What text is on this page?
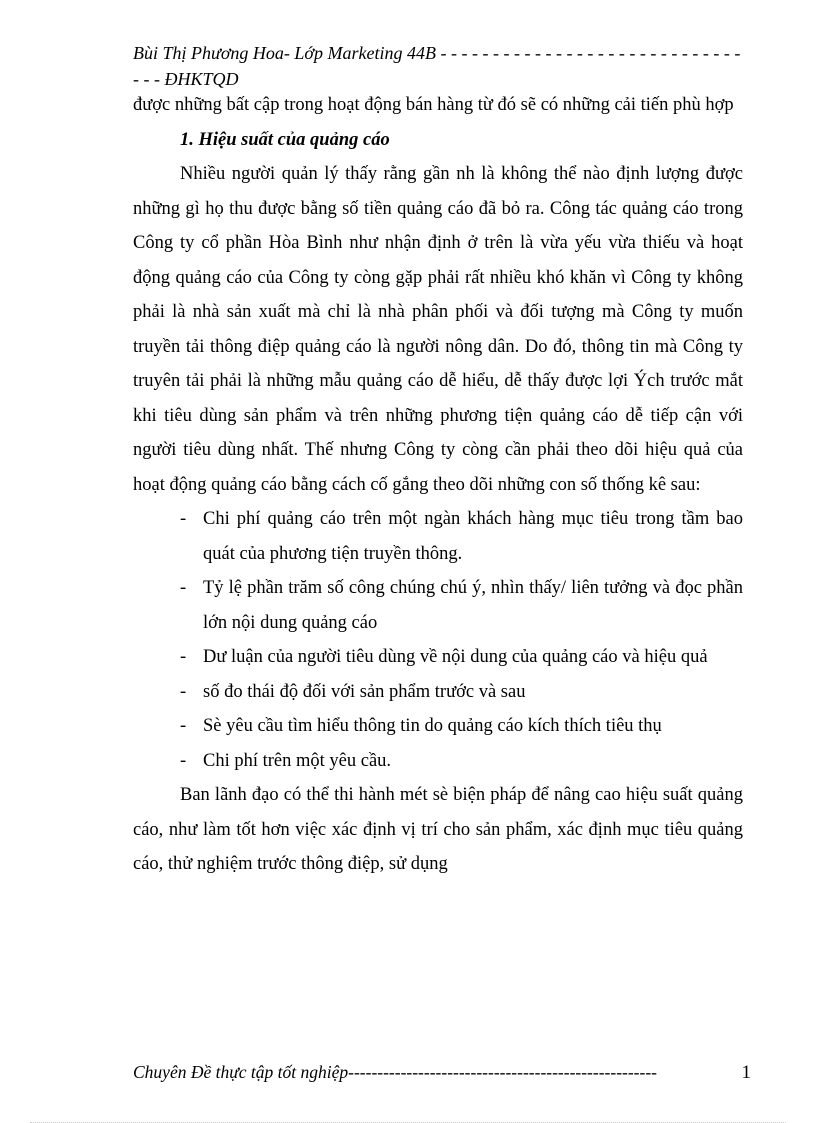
Bùi Thị Phương Hoa- Lớp Marketing 44B - - - - - - - - - - - - - - - - - - - - - - - - - - - - - - - - ĐHKTQD

được những bất cập trong hoạt động bán hàng từ đó sẽ có những cải tiến phù hợp

1. Hiệu suất của quảng cáo

Nhiều người quản lý thấy rằng gần nh là không thể nào định lượng được những gì họ thu được bằng số tiền quảng cáo đã bỏ ra. Công tác quảng cáo trong Công ty cổ phần Hòa Bình như nhận định ở trên là vừa yếu vừa thiếu và hoạt động quảng cáo của Công ty còng gặp phải rất nhiều khó khăn vì Công ty không phải là nhà sản xuất mà chỉ là nhà phân phối và đối tượng mà Công ty muốn truyền tải thông điệp quảng cáo là người nông dân. Do đó, thông tin mà Công ty truyên tải phải là những mẫu quảng cáo dễ hiểu, dễ thấy được lợi Ých trước mắt khi tiêu dùng sản phẩm và trên những phương tiện quảng cáo dễ tiếp cận với người tiêu dùng nhất. Thế nhưng Công ty còng cần phải theo dõi hiệu quả của hoạt động quảng cáo bằng cách cố gắng theo dõi những con số thống kê sau:

- Chi phí quảng cáo trên một ngàn khách hàng mục tiêu trong tầm bao quát của phương tiện truyền thông.
- Tỷ lệ phần trăm số công chúng chú ý, nhìn thấy/ liên tưởng và đọc phần lớn nội dung quảng cáo
- Dư luận của người tiêu dùng về nội dung của quảng cáo và hiệu quả
- số đo thái độ đối với sản phẩm trước và sau
- Sè yêu cầu tìm hiểu thông tin do quảng cáo kích thích tiêu thụ
- Chi phí trên một yêu cầu.

Ban lãnh đạo có thể thi hành mét sè biện pháp để nâng cao hiệu suất quảng cáo, như làm tốt hơn việc xác định vị trí cho sản phẩm, xác định mục tiêu quảng cáo, thử nghiệm trước thông điệp, sử dụng

Chuyên Đề thực tập tốt nghiệp-----------------------------------------------------	1
